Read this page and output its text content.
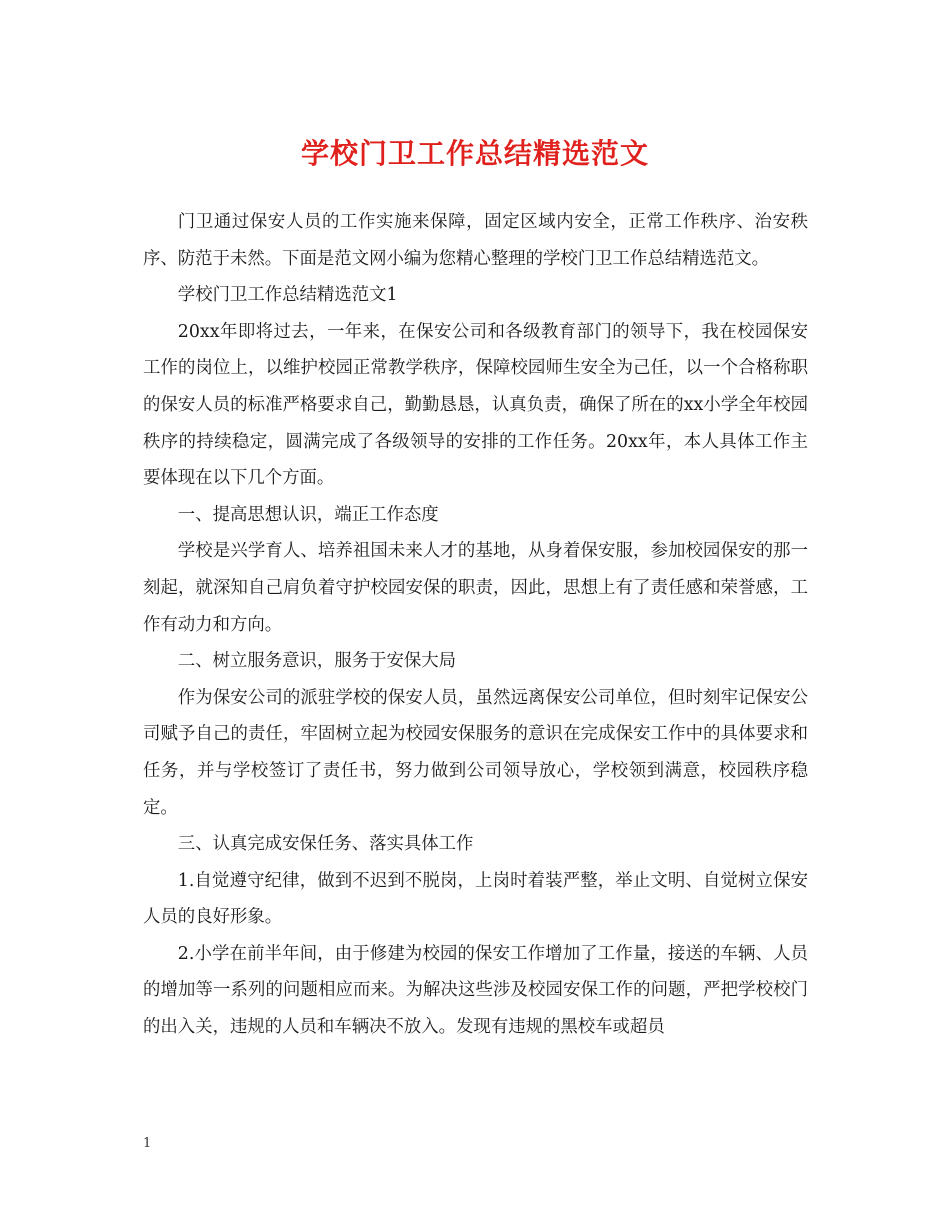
学校门卫工作总结精选范文

门卫通过保安人员的工作实施来保障，固定区域内安全，正常工作秩序、治安秩序、防范于未然。下面是范文网小编为您精心整理的学校门卫工作总结精选范文。

学校门卫工作总结精选范文1

20xx年即将过去，一年来，在保安公司和各级教育部门的领导下，我在校园保安工作的岗位上，以维护校园正常教学秩序，保障校园师生安全为己任，以一个合格称职的保安人员的标准严格要求自己，勤勤恳恳，认真负责，确保了所在的xx小学全年校园秩序的持续稳定，圆满完成了各级领导的安排的工作任务。20xx年，本人具体工作主要体现在以下几个方面。

一、提高思想认识，端正工作态度

学校是兴学育人、培养祖国未来人才的基地，从身着保安服，参加校园保安的那一刻起，就深知自己肩负着守护校园安保的职责，因此，思想上有了责任感和荣誉感，工作有动力和方向。

二、树立服务意识，服务于安保大局

作为保安公司的派驻学校的保安人员，虽然远离保安公司单位，但时刻牢记保安公司赋予自己的责任，牢固树立起为校园安保服务的意识在完成保安工作中的具体要求和任务，并与学校签订了责任书，努力做到公司领导放心，学校领到满意，校园秩序稳定。

三、认真完成安保任务、落实具体工作

1.自觉遵守纪律，做到不迟到不脱岗，上岗时着装严整，举止文明、自觉树立保安人员的良好形象。

2.小学在前半年间，由于修建为校园的保安工作增加了工作量，接送的车辆、人员的增加等一系列的问题相应而来。为解决这些涉及校园安保工作的问题，严把学校校门的出入关，违规的人员和车辆决不放入。发现有违规的黑校车或超员

1
